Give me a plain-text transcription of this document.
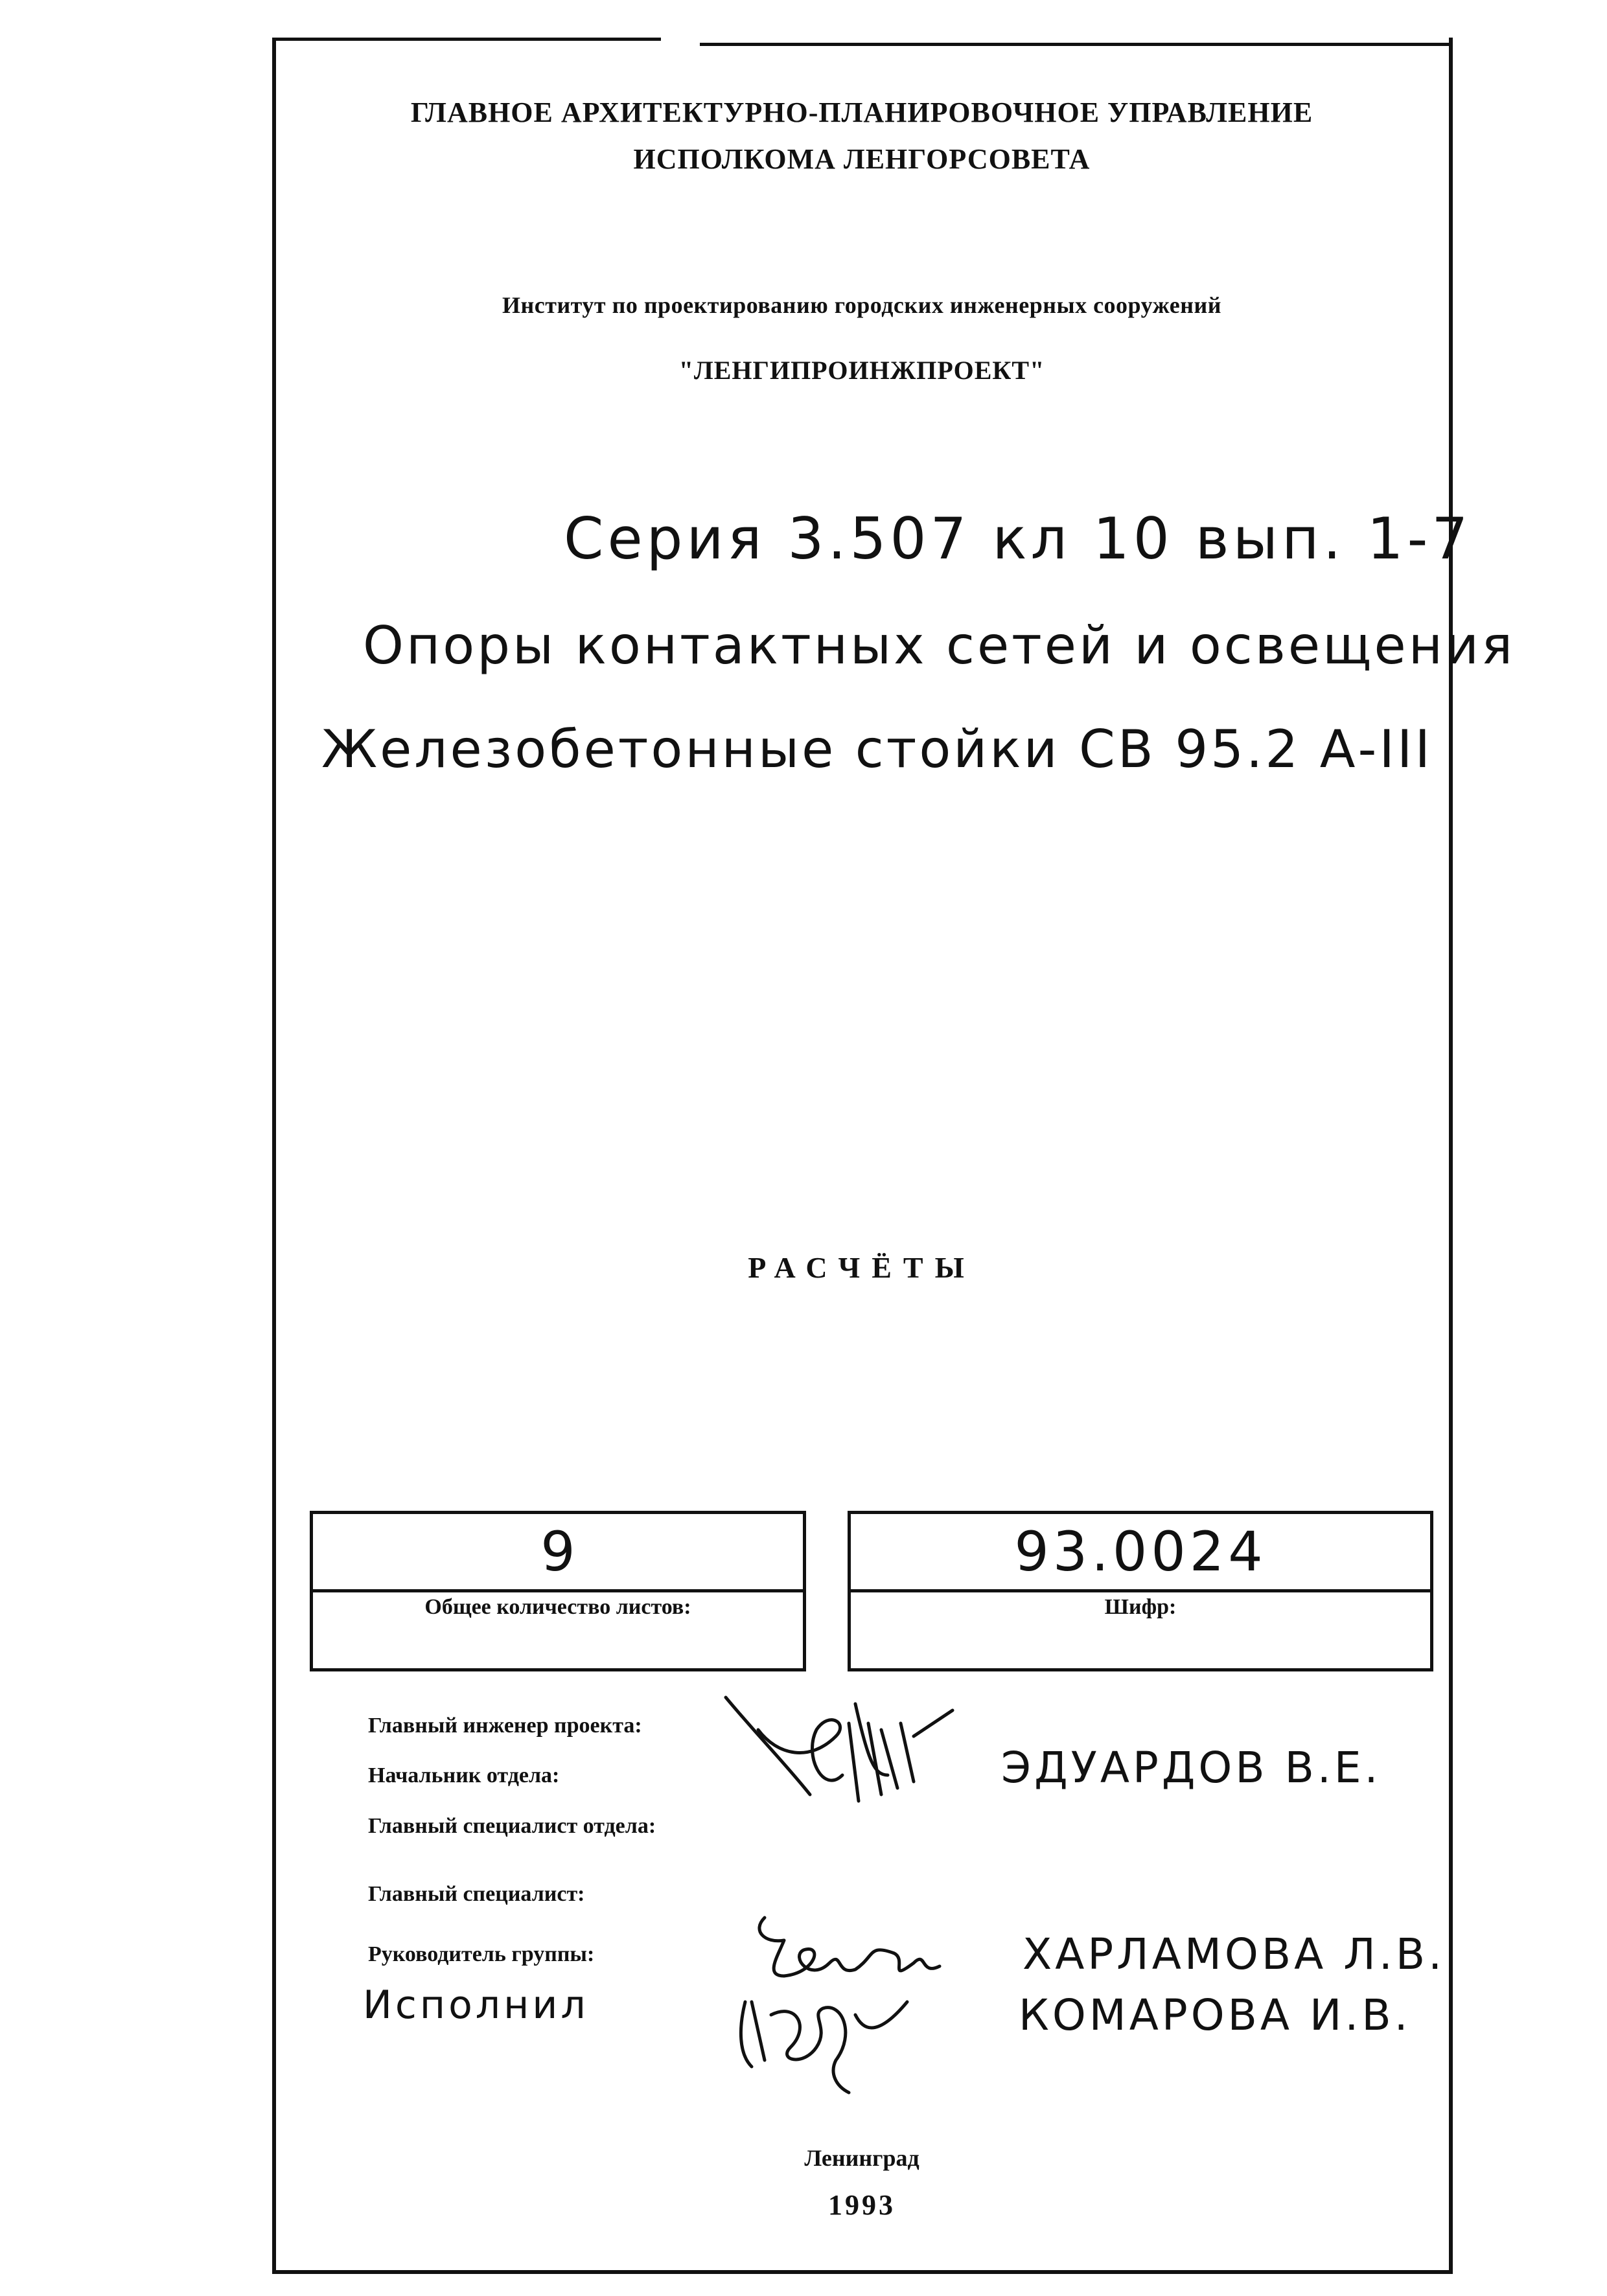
ГЛАВНОЕ АРХИТЕКТУРНО-ПЛАНИРОВОЧНОЕ УПРАВЛЕНИЕ
ИСПОЛКОМА ЛЕНГОРСОВЕТА
Институт по проектированию городских инженерных сооружений
"ЛЕНГИПРОИНЖПРОЕКТ"
Серия 3.507 кл 10 вып. 1-7
Опоры контактных сетей и освещения
Железобетонные стойки СВ 95.2 А-III
РАСЧЁТЫ
9
Общее количество листов:
93.0024
Шифр:
Главный инженер проекта:
Начальник отдела:
Главный специалист отдела:
Главный специалист:
Руководитель группы:
Исполнил
ЭДУАРДОВ В.Е.
ХАРЛАМОВА Л.В.
КОМАРОВА И.В.
Ленинград
1993
